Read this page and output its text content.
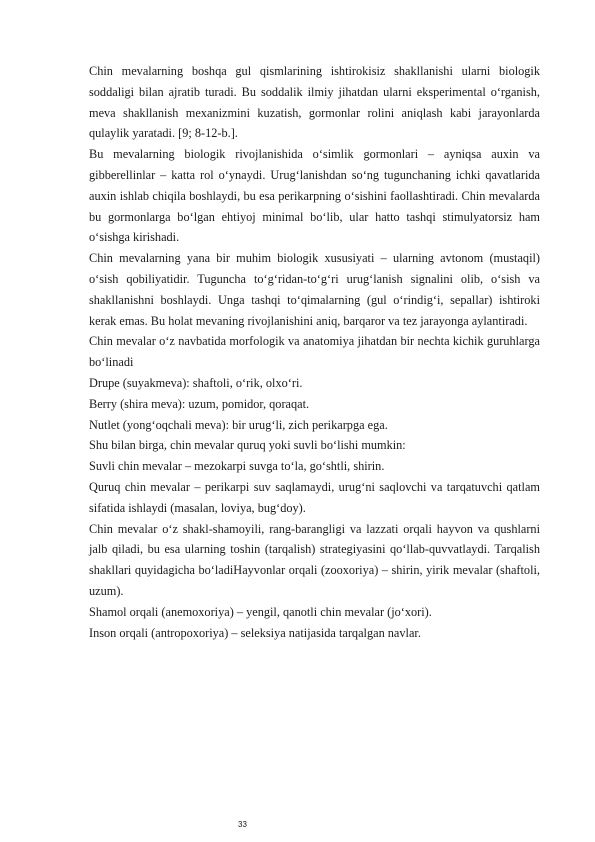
Chin mevalarning boshqa gul qismlarining ishtirokisiz shakllanishi ularni biologik soddaligi bilan ajratib turadi. Bu soddalik ilmiy jihatdan ularni eksperimental o‘rganish, meva shakllanish mexanizmini kuzatish, gormonlar rolini aniqlash kabi jarayonlarda qulaylik yaratadi. [9; 8-12-b.].

Bu mevalarning biologik rivojlanishida o‘simlik gormonlari – ayniqsa auxin va gibberellinlar – katta rol o‘ynaydi. Urug‘lanishdan so‘ng tugunchaning ichki qavatlarida auxin ishlab chiqila boshlaydi, bu esa perikarpning o‘sishini faollashtiradi. Chin mevalarda bu gormonlarga bo‘lgan ehtiyoj minimal bo‘lib, ular hatto tashqi stimulyatorsiz ham o‘sishga kirishadi.

Chin mevalarning yana bir muhim biologik xususiyati – ularning avtonom (mustaqil) o‘sish qobiliyatidir. Tuguncha to‘g‘ridan-to‘g‘ri urug‘lanish signalini olib, o‘sish va shakllanishni boshlaydi. Unga tashqi to‘qimalarning (gul o‘rindig‘i, sepallar) ishtiroki kerak emas. Bu holat mevaning rivojlanishini aniq, barqaror va tez jarayonga aylantiradi.

Chin mevalar o‘z navbatida morfologik va anatomiya jihatdan bir nechta kichik guruhlarga bo‘linadi

Drupe (suyakmeva): shaftoli, o‘rik, olxo‘ri.

Berry (shira meva): uzum, pomidor, qoraqat.

Nutlet (yong‘oqchali meva): bir urug‘li, zich perikarpga ega.

Shu bilan birga, chin mevalar quruq yoki suvli bo‘lishi mumkin:

Suvli chin mevalar – mezokarpi suvga to‘la, go‘shtli, shirin.

Quruq chin mevalar – perikarpi suv saqlamaydi, urug‘ni saqlovchi va tarqatuvchi qatlam sifatida ishlaydi (masalan, loviya, bug‘doy).

Chin mevalar o‘z shakl-shamoyili, rang-barangligi va lazzati orqali hayvon va qushlarni jalb qiladi, bu esa ularning toshin (tarqalish) strategiyasini qo‘llab-quvvatlaydi. Tarqalish shakllari quyidagicha bo‘ladiHayvonlar orqali (zooxoriya) – shirin, yirik mevalar (shaftoli, uzum).

Shamol orqali (anemoxoriya) – yengil, qanotli chin mevalar (jo‘xori).

Inson orqali (antropoxoriya) – seleksiya natijasida tarqalgan navlar.

33
